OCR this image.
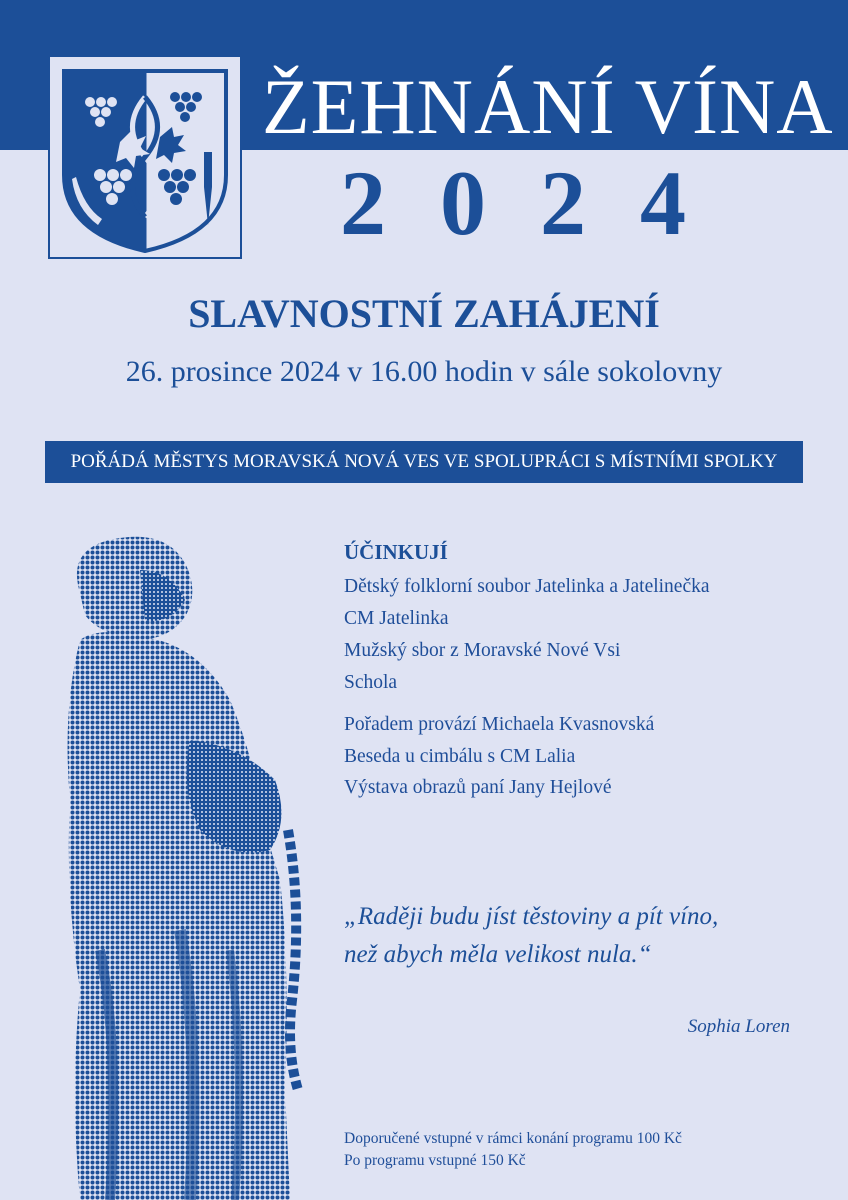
ŽEHNÁNÍ VÍNA
2024
SLAVNOSTNÍ ZAHÁJENÍ

26. prosince 2024 v 16.00 hodin v sále sokolovny

POŘÁDÁ MĚSTYS MORAVSKÁ NOVÁ VES VE SPOLUPRÁCI S MÍSTNÍMI SPOLKY
ÚČINKUJÍ
Dětský folklorní soubor Jatelinka a Jatelinečka
CM Jatelinka
Mužský sbor z Moravské Nové Vsi
Schola
Pořadem provází Michaela Kvasnovská
Beseda u cimbálu s CM Lalia
Výstava obrazů paní Jany Hejlové

„Raději budu jíst těstoviny a pít víno,
než abych měla velikost nula.“

Sophia Loren

Doporučené vstupné v rámci konání programu 100 Kč
Po programu vstupné 150 Kč
